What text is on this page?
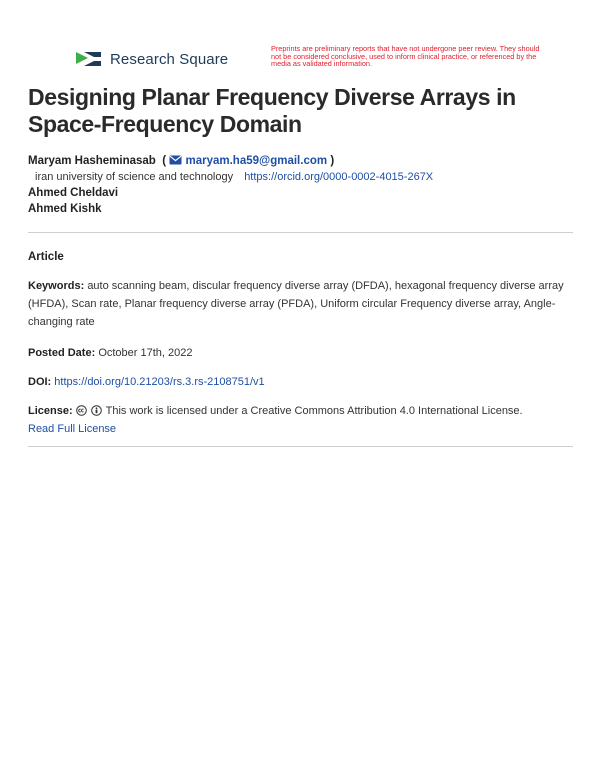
Research Square
Preprints are preliminary reports that have not undergone peer review. They should not be considered conclusive, used to inform clinical practice, or referenced by the media as validated information.
Designing Planar Frequency Diverse Arrays in Space-Frequency Domain
Maryam Hasheminasab  ( maryam.ha59@gmail.com )
iran university of science and technology https://orcid.org/0000-0002-4015-267X
Ahmed Cheldavi
Ahmed Kishk
Article
Keywords: auto scanning beam, discular frequency diverse array (DFDA), hexagonal frequency diverse array (HFDA), Scan rate, Planar frequency diverse array (PFDA), Uniform circular Frequency diverse array, Angle-changing rate
Posted Date: October 17th, 2022
DOI: https://doi.org/10.21203/rs.3.rs-2108751/v1
License:	This work is licensed under a Creative Commons Attribution 4.0 International License.
Read Full License
